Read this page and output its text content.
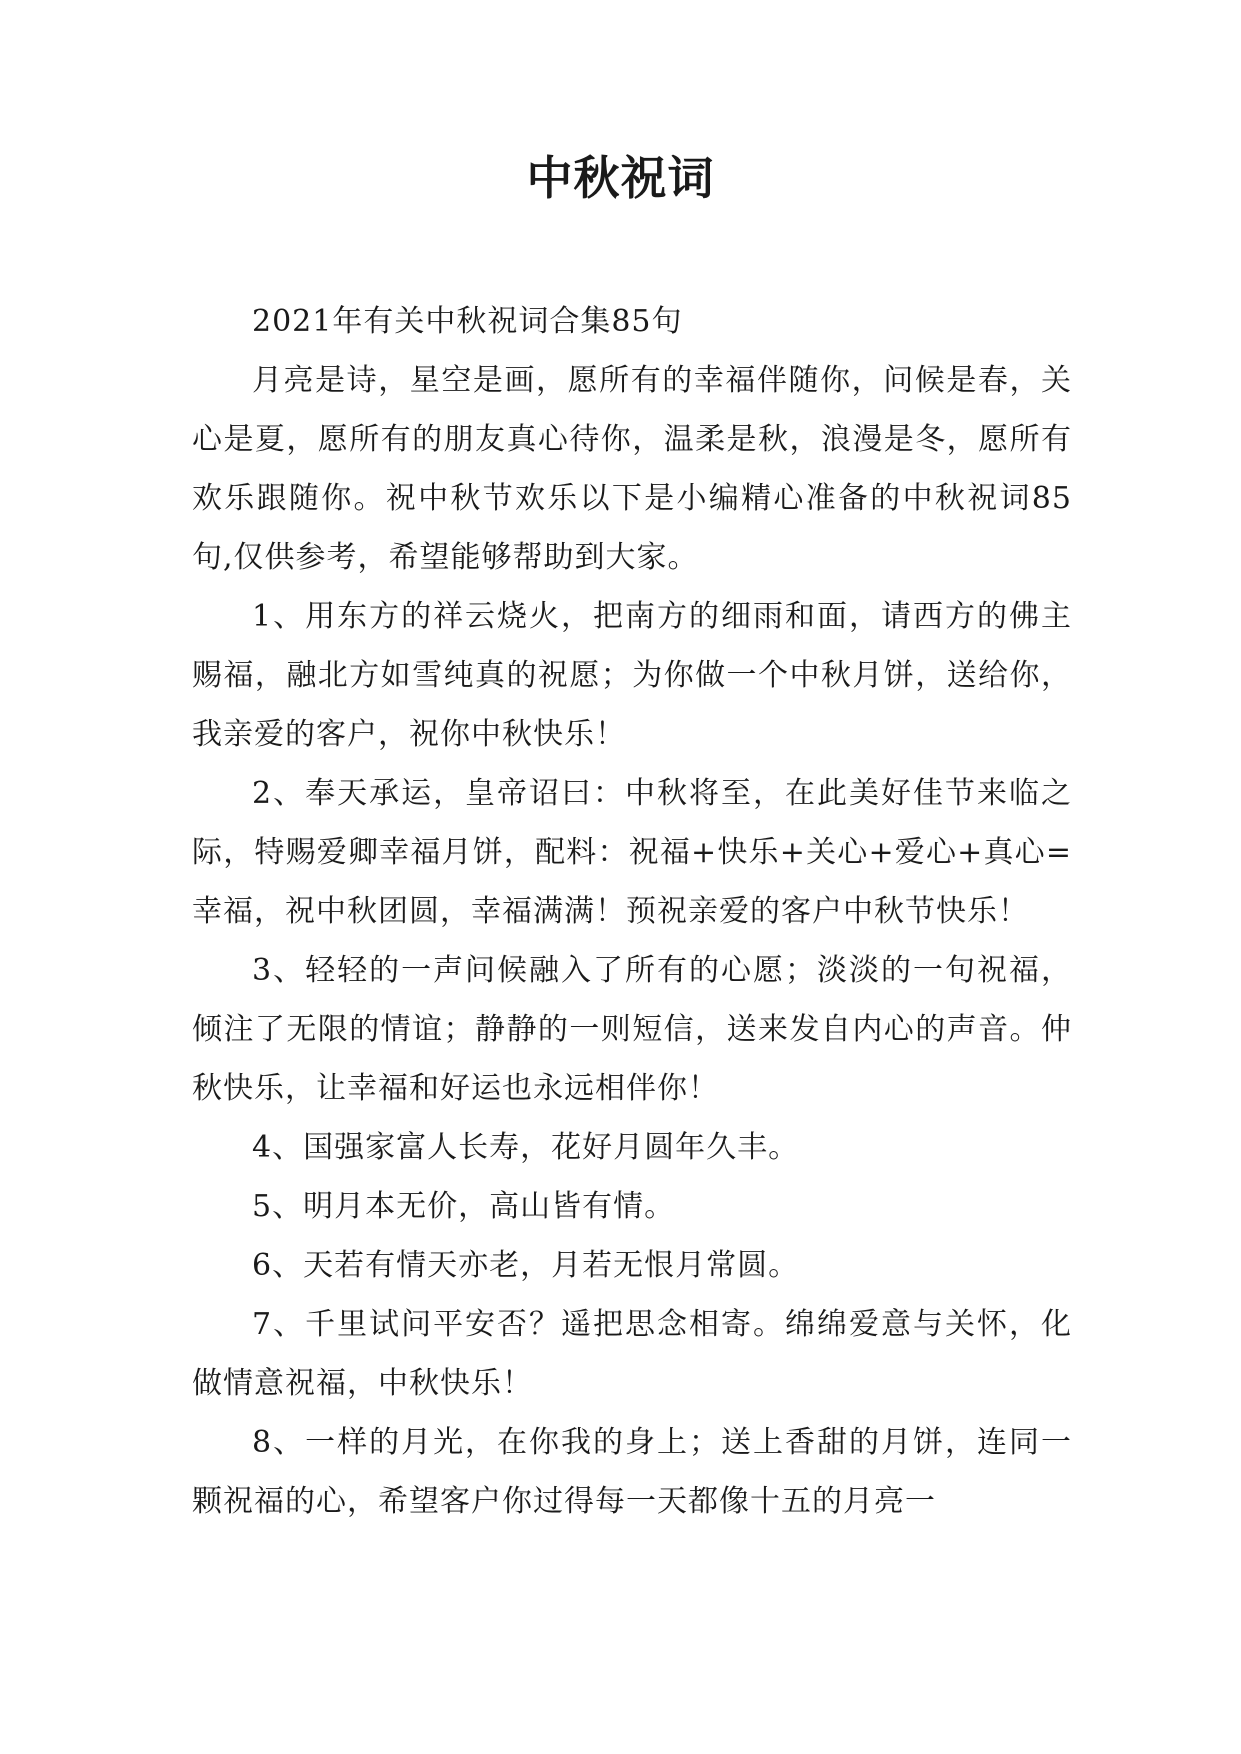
中秋祝词

2021年有关中秋祝词合集85句

月亮是诗，星空是画，愿所有的幸福伴随你，问候是春，关心是夏，愿所有的朋友真心待你，温柔是秋，浪漫是冬，愿所有欢乐跟随你。祝中秋节欢乐以下是小编精心准备的中秋祝词85句,仅供参考，希望能够帮助到大家。

1、用东方的祥云烧火，把南方的细雨和面，请西方的佛主赐福，融北方如雪纯真的祝愿；为你做一个中秋月饼，送给你，我亲爱的客户，祝你中秋快乐！

2、奉天承运，皇帝诏曰：中秋将至，在此美好佳节来临之际，特赐爱卿幸福月饼，配料：祝福+快乐+关心+爱心+真心=幸福，祝中秋团圆，幸福满满！预祝亲爱的客户中秋节快乐！

3、轻轻的一声问候融入了所有的心愿；淡淡的一句祝福，倾注了无限的情谊；静静的一则短信，送来发自内心的声音。仲秋快乐，让幸福和好运也永远相伴你！

4、国强家富人长寿，花好月圆年久丰。

5、明月本无价，高山皆有情。

6、天若有情天亦老，月若无恨月常圆。

7、千里试问平安否？遥把思念相寄。绵绵爱意与关怀，化做情意祝福，中秋快乐！

8、一样的月光，在你我的身上；送上香甜的月饼，连同一颗祝福的心，希望客户你过得每一天都像十五的月亮一
